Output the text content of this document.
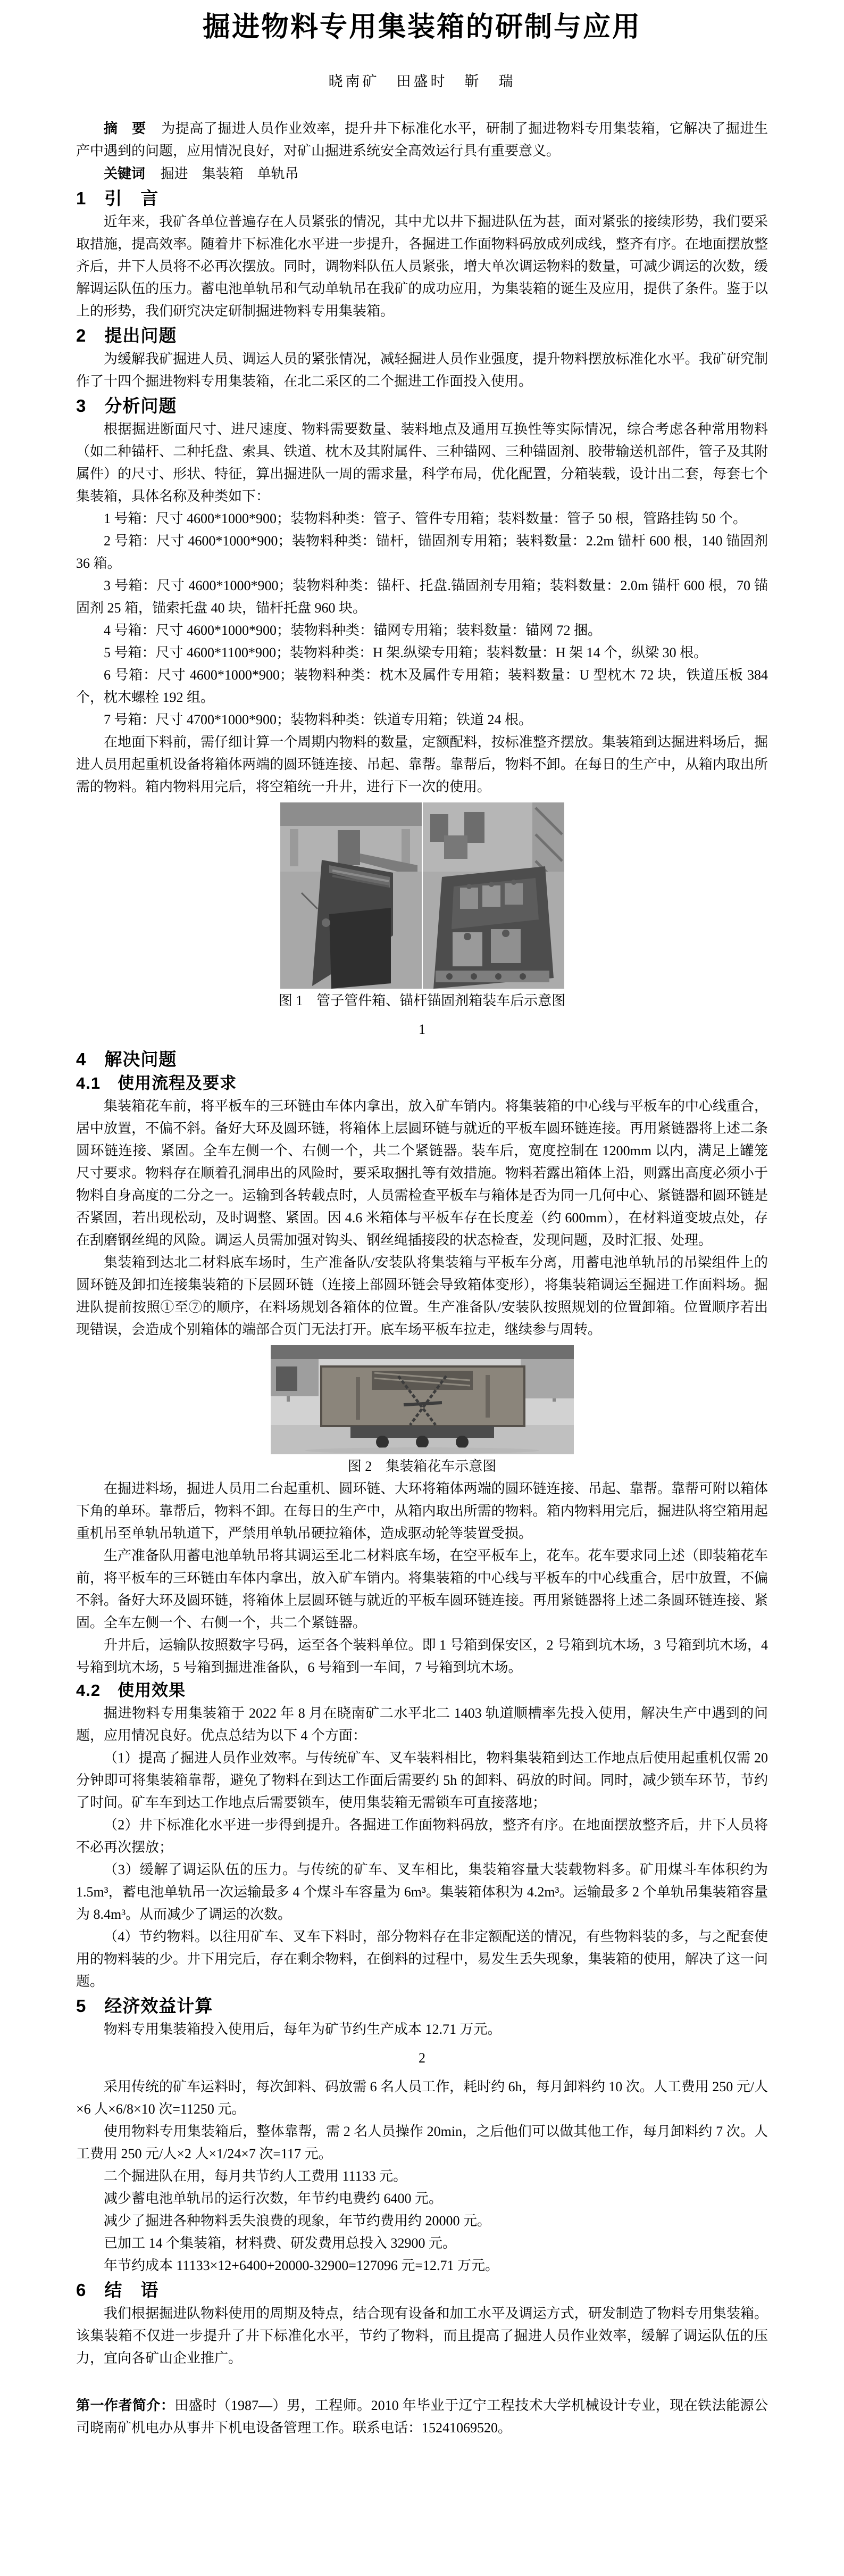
掘进物料专用集装箱的研制与应用

晓南矿　田盛时　靳　瑞

摘　要 为提高了掘进人员作业效率，提升井下标准化水平，研制了掘进物料专用集装箱，它解决了掘进生产中遇到的问题，应用情况良好，对矿山掘进系统安全高效运行具有重要意义。

关键词 掘进　集装箱　单轨吊

1　引　言

近年来，我矿各单位普遍存在人员紧张的情况，其中尤以井下掘进队伍为甚，面对紧张的接续形势，我们要采取措施，提高效率。随着井下标准化水平进一步提升，各掘进工作面物料码放成列成线，整齐有序。在地面摆放整齐后，井下人员将不必再次摆放。同时，调物料队伍人员紧张，增大单次调运物料的数量，可减少调运的次数，缓解调运队伍的压力。蓄电池单轨吊和气动单轨吊在我矿的成功应用，为集装箱的诞生及应用，提供了条件。鉴于以上的形势，我们研究决定研制掘进物料专用集装箱。

2　提出问题

为缓解我矿掘进人员、调运人员的紧张情况，减轻掘进人员作业强度，提升物料摆放标准化水平。我矿研究制作了十四个掘进物料专用集装箱，在北二采区的二个掘进工作面投入使用。

3　分析问题

根据掘进断面尺寸、进尺速度、物料需要数量、装料地点及通用互换性等实际情况，综合考虑各种常用物料（如二种锚杆、二种托盘、索具、铁道、枕木及其附属件、三种锚网、三种锚固剂、胶带输送机部件，管子及其附属件）的尺寸、形状、特征，算出掘进队一周的需求量，科学布局，优化配置，分箱装载，设计出二套，每套七个集装箱，具体名称及种类如下：

1 号箱：尺寸 4600*1000*900；装物料种类：管子、管件专用箱；装料数量：管子 50 根，管路挂钩 50 个。

2 号箱：尺寸 4600*1000*900；装物料种类：锚杆，锚固剂专用箱；装料数量：2.2m 锚杆 600 根，140 锚固剂 36 箱。

3 号箱：尺寸 4600*1000*900；装物料种类：锚杆、托盘.锚固剂专用箱；装料数量：2.0m 锚杆 600 根，70 锚固剂 25 箱，锚索托盘 40 块，锚杆托盘 960 块。

4 号箱：尺寸 4600*1000*900；装物料种类：锚网专用箱；装料数量：锚网 72 捆。

5 号箱：尺寸 4600*1100*900；装物料种类：H 架.纵梁专用箱；装料数量：H 架 14 个，纵梁 30 根。

6 号箱：尺寸 4600*1000*900；装物料种类：枕木及属件专用箱；装料数量：U 型枕木 72 块，铁道压板 384 个，枕木螺栓 192 组。

7 号箱：尺寸 4700*1000*900；装物料种类：铁道专用箱；铁道 24 根。

在地面下料前，需仔细计算一个周期内物料的数量，定额配料，按标准整齐摆放。集装箱到达掘进料场后，掘进人员用起重机设备将箱体两端的圆环链连接、吊起、靠帮。靠帮后，物料不卸。在每日的生产中，从箱内取出所需的物料。箱内物料用完后，将空箱统一升井，进行下一次的使用。

图 1　管子管件箱、锚杆锚固剂箱装车后示意图

1

4　解决问题
4.1　使用流程及要求

集装箱花车前，将平板车的三环链由车体内拿出，放入矿车销内。将集装箱的中心线与平板车的中心线重合，居中放置，不偏不斜。备好大环及圆环链，将箱体上层圆环链与就近的平板车圆环链连接。再用紧链器将上述二条圆环链连接、紧固。全车左侧一个、右侧一个，共二个紧链器。装车后，宽度控制在 1200mm 以内，满足上罐笼尺寸要求。物料存在顺着孔洞串出的风险时，要采取捆扎等有效措施。物料若露出箱体上沿，则露出高度必须小于物料自身高度的二分之一。运输到各转载点时，人员需检查平板车与箱体是否为同一几何中心、紧链器和圆环链是否紧固，若出现松动，及时调整、紧固。因 4.6 米箱体与平板车存在长度差（约 600mm），在材料道变坡点处，存在刮磨钢丝绳的风险。调运人员需加强对钩头、钢丝绳插接段的状态检查，发现问题，及时汇报、处理。

集装箱到达北二材料底车场时，生产准备队/安装队将集装箱与平板车分离，用蓄电池单轨吊的吊梁组件上的圆环链及卸扣连接集装箱的下层圆环链（连接上部圆环链会导致箱体变形），将集装箱调运至掘进工作面料场。掘进队提前按照①至⑦的顺序，在料场规划各箱体的位置。生产准备队/安装队按照规划的位置卸箱。位置顺序若出现错误，会造成个别箱体的端部合页门无法打开。底车场平板车拉走，继续参与周转。

图 2　集装箱花车示意图

在掘进料场，掘进人员用二台起重机、圆环链、大环将箱体两端的圆环链连接、吊起、靠帮。靠帮可附以箱体下角的单环。靠帮后，物料不卸。在每日的生产中，从箱内取出所需的物料。箱内物料用完后，掘进队将空箱用起重机吊至单轨吊轨道下，严禁用单轨吊硬拉箱体，造成驱动轮等装置受损。

生产准备队用蓄电池单轨吊将其调运至北二材料底车场，在空平板车上，花车。花车要求同上述（即装箱花车前，将平板车的三环链由车体内拿出，放入矿车销内。将集装箱的中心线与平板车的中心线重合，居中放置，不偏不斜。备好大环及圆环链，将箱体上层圆环链与就近的平板车圆环链连接。再用紧链器将上述二条圆环链连接、紧固。全车左侧一个、右侧一个，共二个紧链器。

升井后，运输队按照数字号码，运至各个装料单位。即 1 号箱到保安区，2 号箱到坑木场，3 号箱到坑木场，4 号箱到坑木场，5 号箱到掘进准备队，6 号箱到一车间，7 号箱到坑木场。

4.2　使用效果

掘进物料专用集装箱于 2022 年 8 月在晓南矿二水平北二 1403 轨道顺槽率先投入使用，解决生产中遇到的问题，应用情况良好。优点总结为以下 4 个方面：

（1）提高了掘进人员作业效率。与传统矿车、叉车装料相比，物料集装箱到达工作地点后使用起重机仅需 20 分钟即可将集装箱靠帮，避免了物料在到达工作面后需要约 5h 的卸料、码放的时间。同时，减少锁车环节，节约了时间。矿车车到达工作地点后需要锁车，使用集装箱无需锁车可直接落地；

（2）井下标准化水平进一步得到提升。各掘进工作面物料码放，整齐有序。在地面摆放整齐后，井下人员将不必再次摆放；

（3）缓解了调运队伍的压力。与传统的矿车、叉车相比，集装箱容量大装载物料多。矿用煤斗车体积约为 1.5m³，蓄电池单轨吊一次运输最多 4 个煤斗车容量为 6m³。集装箱体积为 4.2m³。运输最多 2 个单轨吊集装箱容量为 8.4m³。从而减少了调运的次数。

（4）节约物料。以往用矿车、叉车下料时，部分物料存在非定额配送的情况，有些物料装的多，与之配套使用的物料装的少。井下用完后，存在剩余物料，在倒料的过程中，易发生丢失现象，集装箱的使用，解决了这一问题。

5　经济效益计算

物料专用集装箱投入使用后，每年为矿节约生产成本 12.71 万元。

2

采用传统的矿车运料时，每次卸料、码放需 6 名人员工作，耗时约 6h，每月卸料约 10 次。人工费用 250 元/人×6 人×6/8×10 次=11250 元。

使用物料专用集装箱后，整体靠帮，需 2 名人员操作 20min，之后他们可以做其他工作，每月卸料约 7 次。人工费用 250 元/人×2 人×1/24×7 次=117 元。

二个掘进队在用，每月共节约人工费用 11133 元。

减少蓄电池单轨吊的运行次数，年节约电费约 6400 元。

减少了掘进各种物料丢失浪费的现象，年节约费用约 20000 元。

已加工 14 个集装箱，材料费、研发费用总投入 32900 元。

年节约成本 11133×12+6400+20000-32900=127096 元=12.71 万元。

6　结　语

我们根据掘进队物料使用的周期及特点，结合现有设备和加工水平及调运方式，研发制造了物料专用集装箱。该集装箱不仅进一步提升了井下标准化水平，节约了物料，而且提高了掘进人员作业效率，缓解了调运队伍的压力，宜向各矿山企业推广。

第一作者简介：田盛时（1987—）男，工程师。2010 年毕业于辽宁工程技术大学机械设计专业，现在铁法能源公司晓南矿机电办从事井下机电设备管理工作。联系电话：15241069520。
